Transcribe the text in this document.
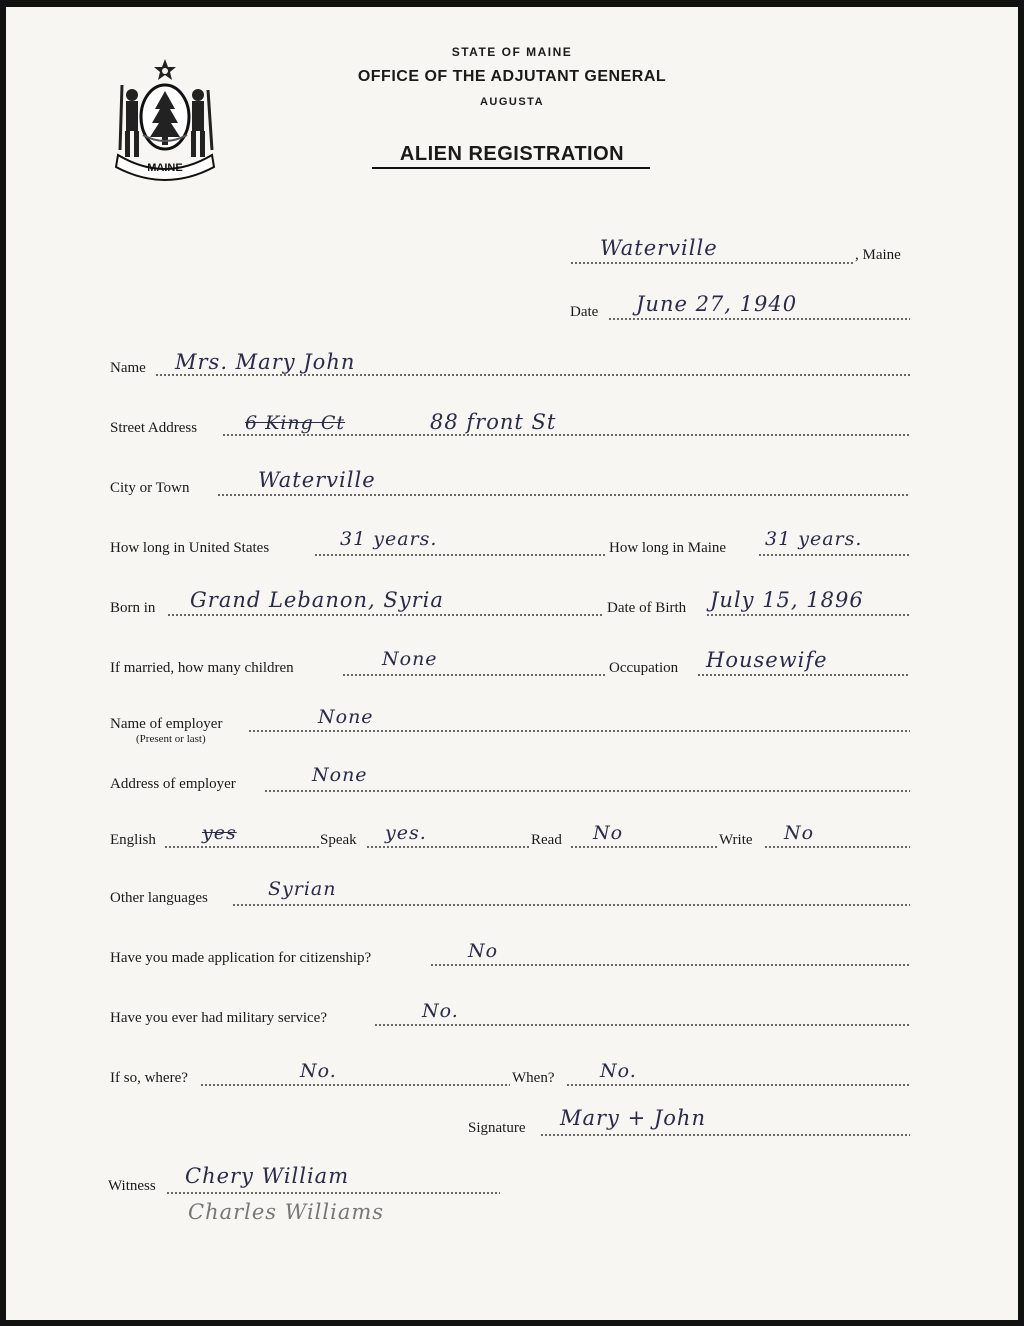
MAINE
STATE OF MAINE
OFFICE OF THE ADJUTANT GENERAL
AUGUSTA
ALIEN REGISTRATION
Waterville	, Maine
Date June 27, 1940
Name Mrs. Mary John
Street Address	6 King Ct	88 front St
City or Town	Waterville
How long in United States	31 years.	How long in Maine 31 years.
Born in Grand Lebanon, Syria	Date of Birth July 15, 1896
If married, how many children	None	Occupation Housewife
Name of employer
(Present or last)
None
Address of employer	None
English yes	Speak yes.	Read No	Write No
Other languages	Syrian
Have you made application for citizenship?	No
Have you ever had military service?	No.
If so, where?	No.	When? No.
Signature Mary + John
Witness Chery William
Charles Williams
